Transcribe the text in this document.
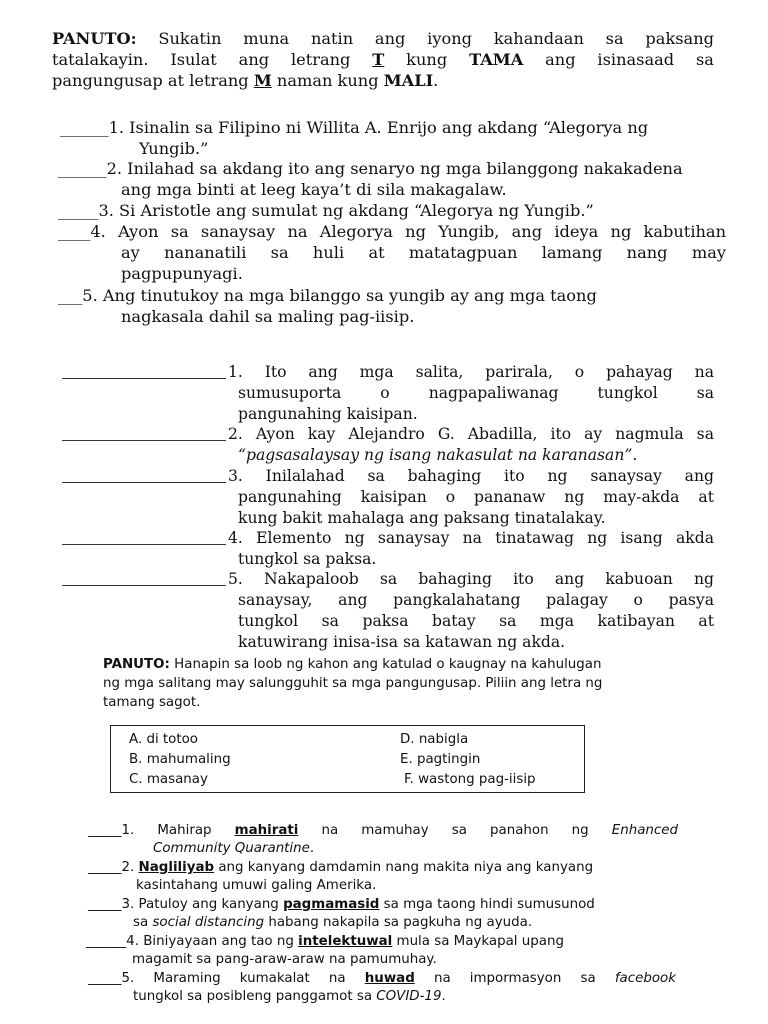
PANUTO: Sukatin muna natin ang iyong kahandaan sa paksang
tatalakayin. Isulat ang letrang T kung TAMA ang isinasaad sa
pangungusap at letrang M naman kung MALI.
______1. Isinalin sa Filipino ni Willita A. Enrijo ang akdang “Alegorya ng
Yungib.”
______2. Inilahad sa akdang ito ang senaryo ng mga bilanggong nakakadena
ang mga binti at leeg kaya’t di sila makagalaw.
_____3. Si Aristotle ang sumulat ng akdang “Alegorya ng Yungib.”
____4. Ayon sa sanaysay na Alegorya ng Yungib, ang ideya ng kabutihan
ay nananatili sa huli at matatagpuan lamang nang may
pagpupunyagi.
___5. Ang tinutukoy na mga bilanggo sa yungib ay ang mga taong
nagkasala dahil sa maling pag-iisip.
1. Ito ang mga salita, parirala, o pahayag na
sumusuporta o nagpapaliwanag tungkol sa
pangunahing kaisipan.
2. Ayon kay Alejandro G. Abadilla, ito ay nagmula sa
“pagsasalaysay ng isang nakasulat na karanasan”.
3. Inilalahad sa bahaging ito ng sanaysay ang
pangunahing kaisipan o pananaw ng may-akda at
kung bakit mahalaga ang paksang tinatalakay.
4. Elemento ng sanaysay na tinatawag ng isang akda
tungkol sa paksa.
5. Nakapaloob sa bahaging ito ang kabuoan ng
sanaysay, ang pangkalahatang palagay o pasya
tungkol sa paksa batay sa mga katibayan at
katuwirang inisa-isa sa katawan ng akda.
PANUTO: Hanapin sa loob ng kahon ang katulad o kaugnay na kahulugan
ng mga salitang may salungguhit sa mga pangungusap. Piliin ang letra ng
tamang sagot.
A. di totoo
B. mahumaling
C. masanay
D. nabigla
E. pagtingin
F. wastong pag-iisip
_____1. Mahirap mahirati na mamuhay sa panahon ng Enhanced
Community Quarantine.
_____2. Nagliliyab ang kanyang damdamin nang makita niya ang kanyang
kasintahang umuwi galing Amerika.
_____3. Patuloy ang kanyang pagmamasid sa mga taong hindi sumusunod
sa social distancing habang nakapila sa pagkuha ng ayuda.
______4. Biniyayaan ang tao ng intelektuwal mula sa Maykapal upang
magamit sa pang-araw-araw na pamumuhay.
_____5. Maraming kumakalat na huwad na impormasyon sa facebook
tungkol sa posibleng panggamot sa COVID-19.
